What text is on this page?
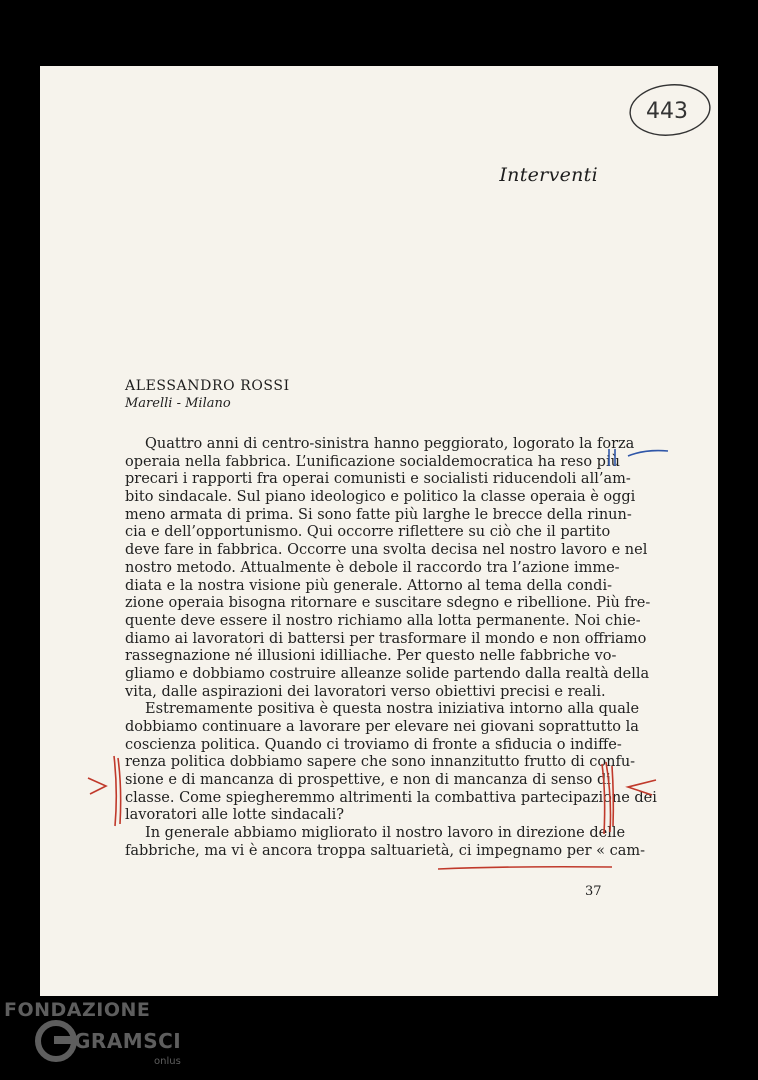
443
Interventi
ALESSANDRO ROSSI
Marelli - Milano
Quattro anni di centro-sinistra hanno peggiorato, logorato la forza
operaia nella fabbrica. L’unificazione socialdemocratica ha reso più
precari i rapporti fra operai comunisti e socialisti riducendoli all’am-
bito sindacale. Sul piano ideologico e politico la classe operaia è oggi
meno armata di prima. Si sono fatte più larghe le brecce della rinun-
cia e dell’opportunismo. Qui occorre riflettere su ciò che il partito
deve fare in fabbrica. Occorre una svolta decisa nel nostro lavoro e nel
nostro metodo. Attualmente è debole il raccordo tra l’azione imme-
diata e la nostra visione più generale. Attorno al tema della condi-
zione operaia bisogna ritornare e suscitare sdegno e ribellione. Più fre-
quente deve essere il nostro richiamo alla lotta permanente. Noi chie-
diamo ai lavoratori di battersi per trasformare il mondo e non offriamo
rassegnazione né illusioni idilliache. Per questo nelle fabbriche vo-
gliamo e dobbiamo costruire alleanze solide partendo dalla realtà della
vita, dalle aspirazioni dei lavoratori verso obiettivi precisi e reali.
Estremamente positiva è questa nostra iniziativa intorno alla quale
dobbiamo continuare a lavorare per elevare nei giovani soprattutto la
coscienza politica. Quando ci troviamo di fronte a sfiducia o indiffe-
renza politica dobbiamo sapere che sono innanzitutto frutto di confu-
sione e di mancanza di prospettive, e non di mancanza di senso di
classe. Come spiegheremmo altrimenti la combattiva partecipazione dei
lavoratori alle lotte sindacali?
In generale abbiamo migliorato il nostro lavoro in direzione delle
fabbriche, ma vi è ancora troppa saltuarietà, ci impegnamo per « cam-
37
FONDAZIONE
GRAMSCI
onlus
